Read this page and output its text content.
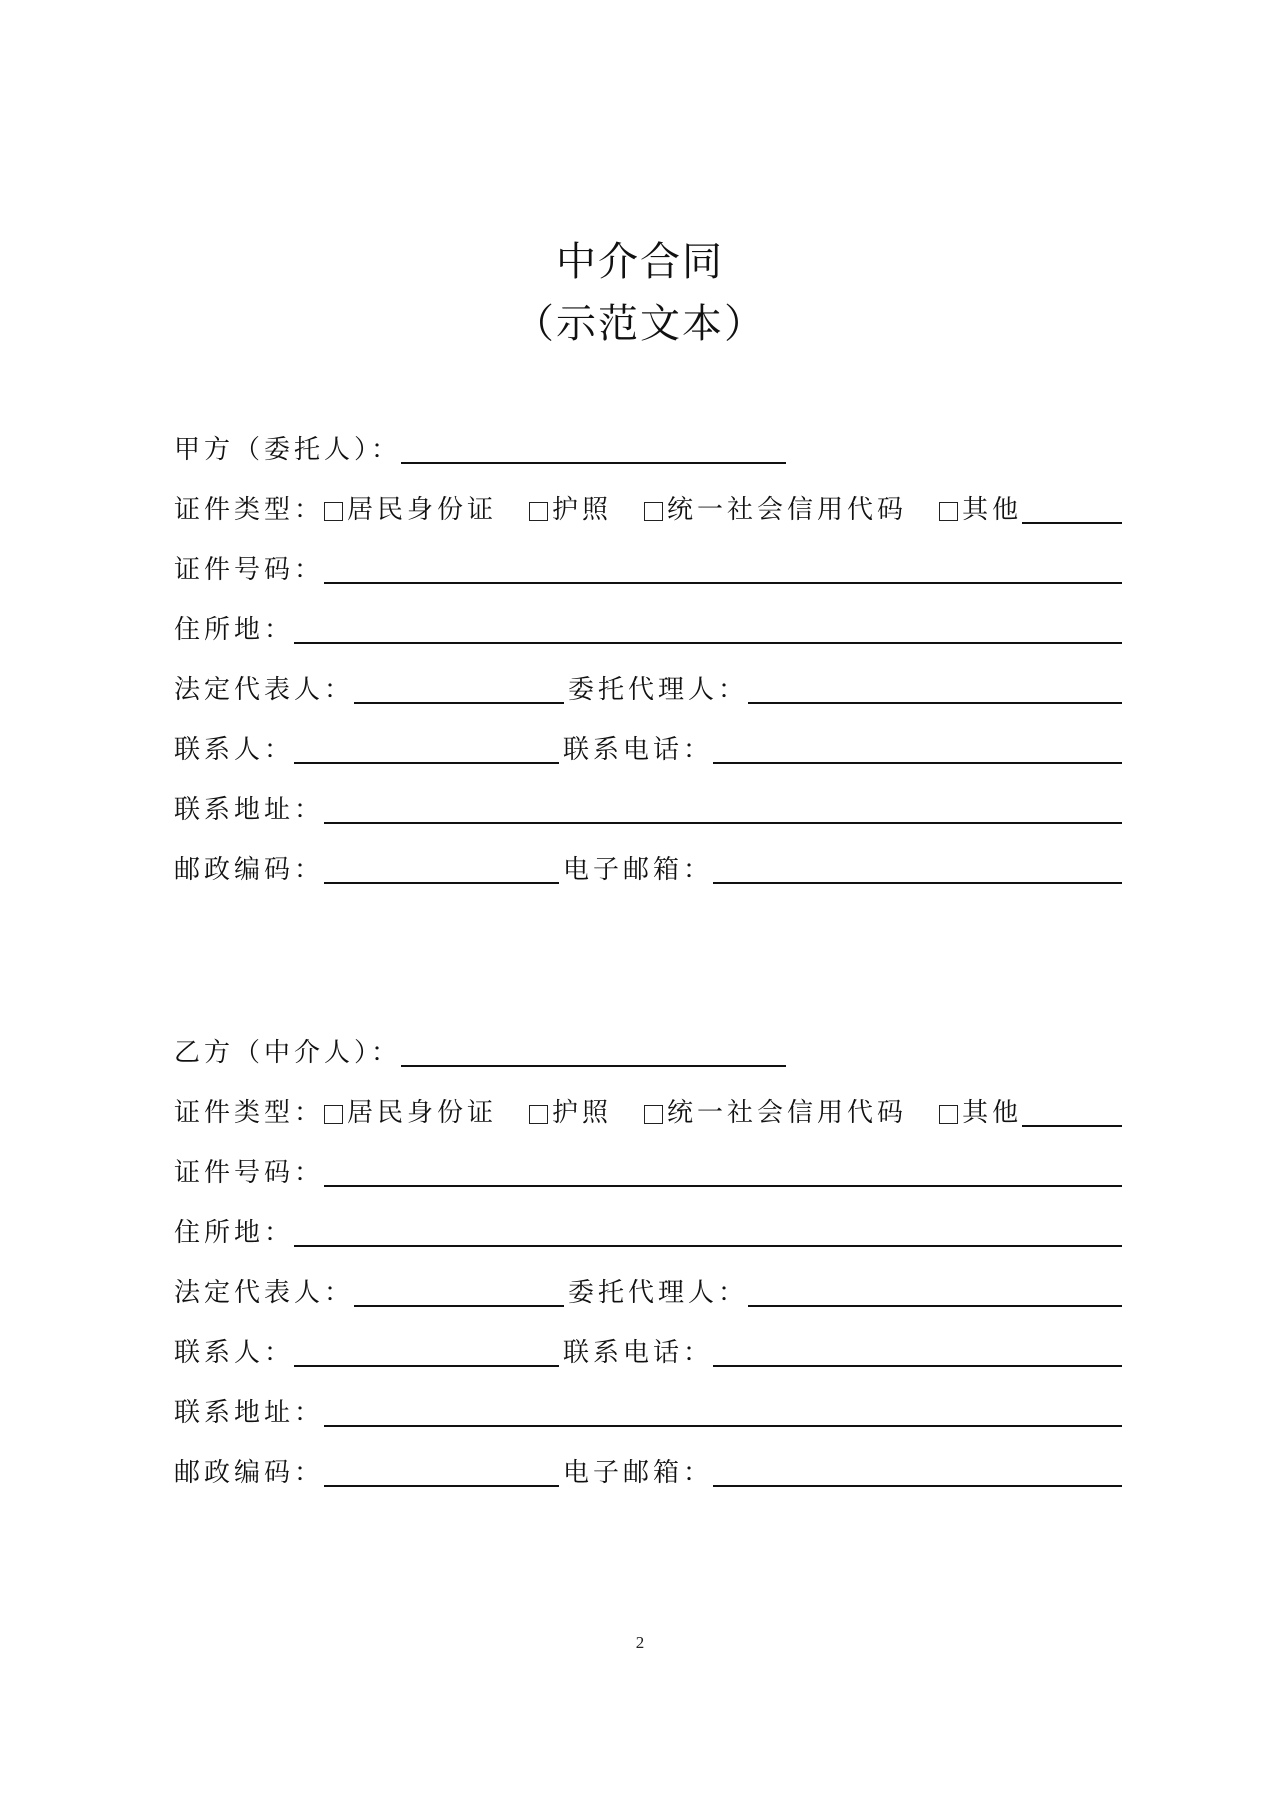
中介合同
（示范文本）
甲方（委托人）：
证件类型： 居民身份证 护照 统一社会信用代码 其他
证件号码：
住所地：
法定代表人：	委托代理人：
联系人：	联系电话：
联系地址：
邮政编码：	电子邮箱：
乙方（中介人）：
证件类型： 居民身份证 护照 统一社会信用代码 其他
证件号码：
住所地：
法定代表人：	委托代理人：
联系人：	联系电话：
联系地址：
邮政编码：	电子邮箱：
2
